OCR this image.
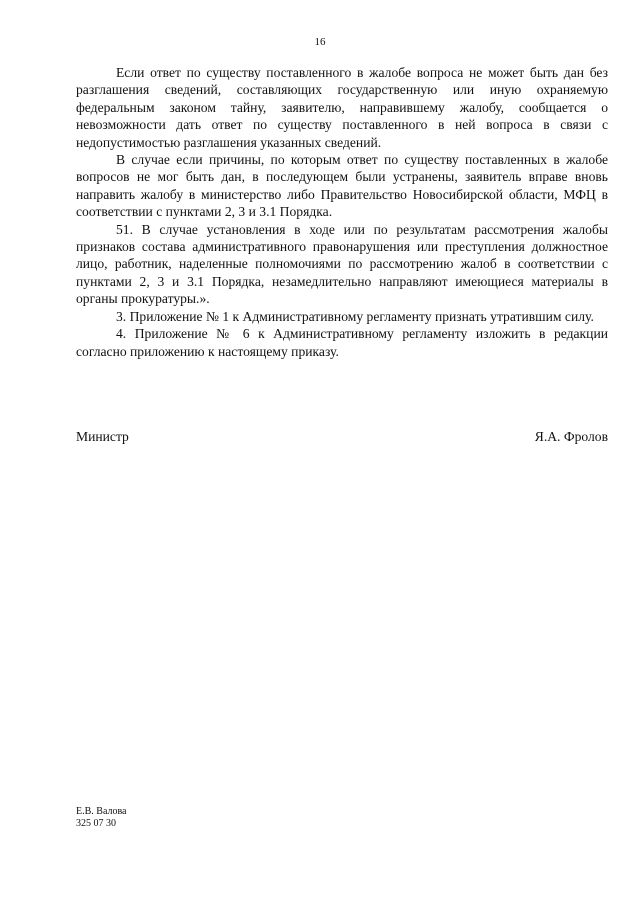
16

Если ответ по существу поставленного в жалобе вопроса не может быть дан без разглашения сведений, составляющих государственную или иную охраняемую федеральным законом тайну, заявителю, направившему жалобу, сообщается о невозможности дать ответ по существу поставленного в ней вопроса в связи с недопустимостью разглашения указанных сведений.

В случае если причины, по которым ответ по существу поставленных в жалобе вопросов не мог быть дан, в последующем были устранены, заявитель вправе вновь направить жалобу в министерство либо Правительство Новосибирской области, МФЦ в соответствии с пунктами 2, 3 и 3.1 Порядка.

51. В случае установления в ходе или по результатам рассмотрения жалобы признаков состава административного правонарушения или преступления должностное лицо, работник, наделенные полномочиями по рассмотрению жалоб в соответствии с пунктами 2, 3 и 3.1 Порядка, незамедлительно направляют имеющиеся материалы в органы прокуратуры.».

3. Приложение № 1 к Административному регламенту признать утратившим силу.

4. Приложение № 6 к Административному регламенту изложить в редакции согласно приложению к настоящему приказу.

Министр	Я.А. Фролов
Е.В. Валова
325 07 30
